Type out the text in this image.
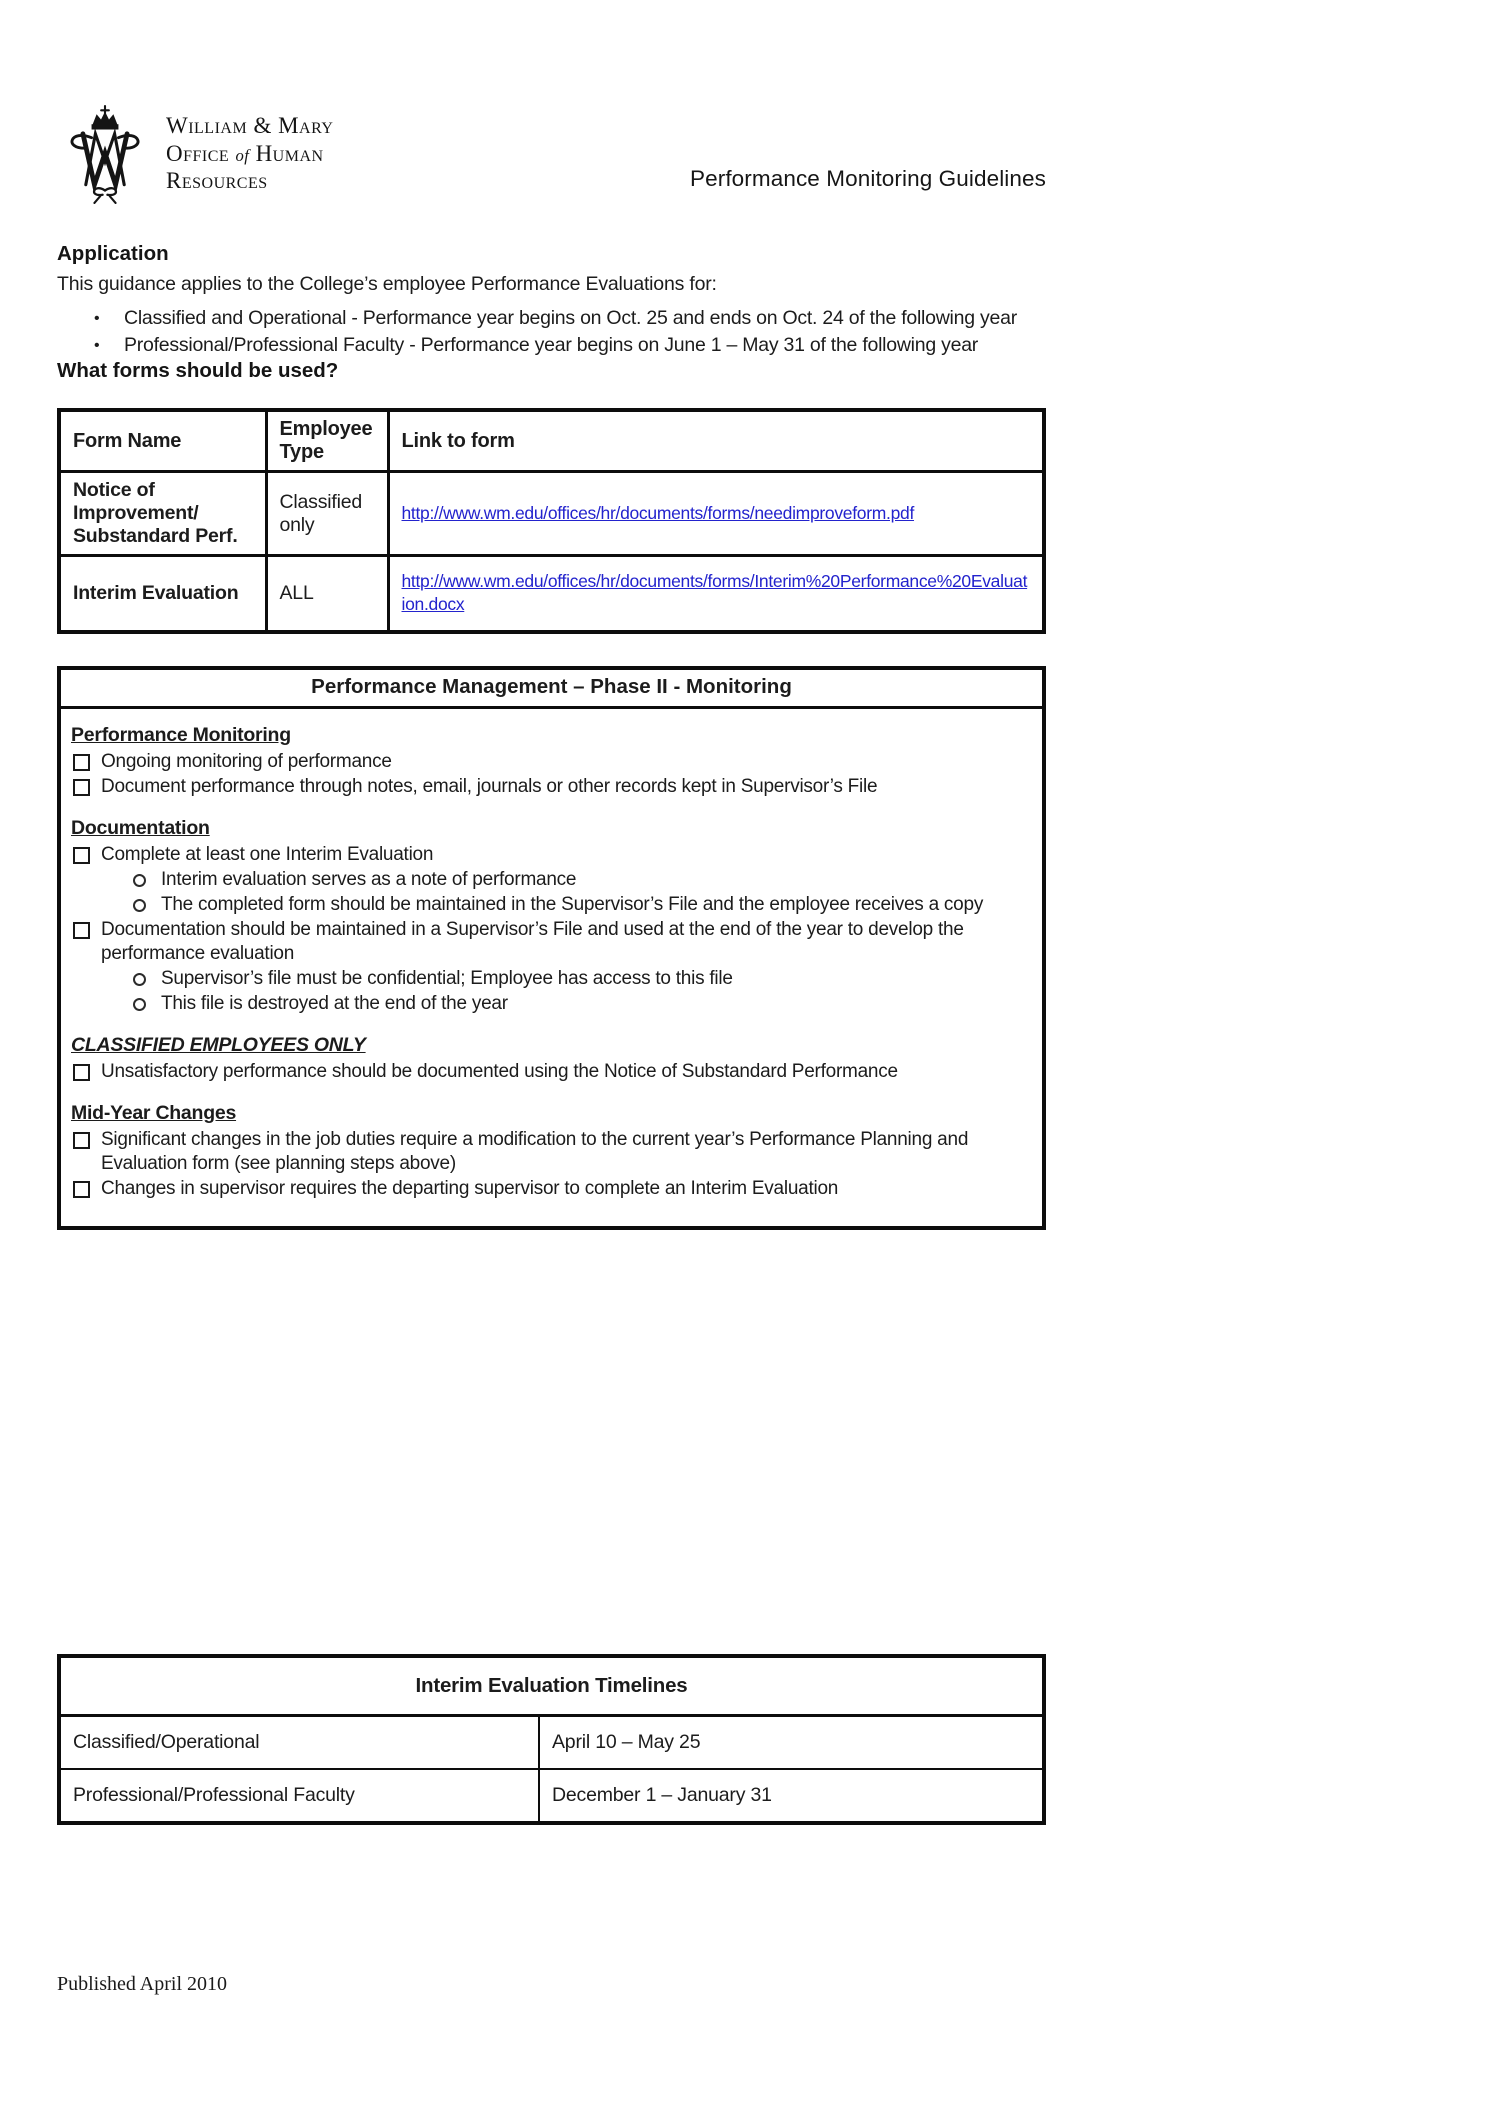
William & Mary
Office of Human
Resources	Performance Monitoring Guidelines
Application
This guidance applies to the College’s employee Performance Evaluations for:
•	Classified and Operational - Performance year begins on Oct. 25 and ends on Oct. 24 of the following year
•	Professional/Professional Faculty - Performance year begins on June 1 – May 31 of the following year
What forms should be used?
Form Name	Employee Type	Link to form
Notice of Improvement/ Substandard Perf.	Classified only	http://www.wm.edu/offices/hr/documents/forms/needimproveform.pdf
Interim Evaluation	ALL	http://www.wm.edu/offices/hr/documents/forms/Interim%20Performance%20Evaluation.docx
Performance Management – Phase II - Monitoring
Performance Monitoring
Ongoing monitoring of performance
Document performance through notes, email, journals or other records kept in Supervisor’s File
Documentation
Complete at least one Interim Evaluation
Interim evaluation serves as a note of performance
The completed form should be maintained in the Supervisor’s File and the employee receives a copy
Documentation should be maintained in a Supervisor’s File and used at the end of the year to develop the performance evaluation
Supervisor’s file must be confidential; Employee has access to this file
This file is destroyed at the end of the year
CLASSIFIED EMPLOYEES ONLY
Unsatisfactory performance should be documented using the Notice of Substandard Performance
Mid-Year Changes
Significant changes in the job duties require a modification to the current year’s Performance Planning and Evaluation form (see planning steps above)
Changes in supervisor requires the departing supervisor to complete an Interim Evaluation
Interim Evaluation Timelines	
Classified/Operational	April 10 – May 25
Professional/Professional Faculty	December 1 – January 31
Published April 2010
